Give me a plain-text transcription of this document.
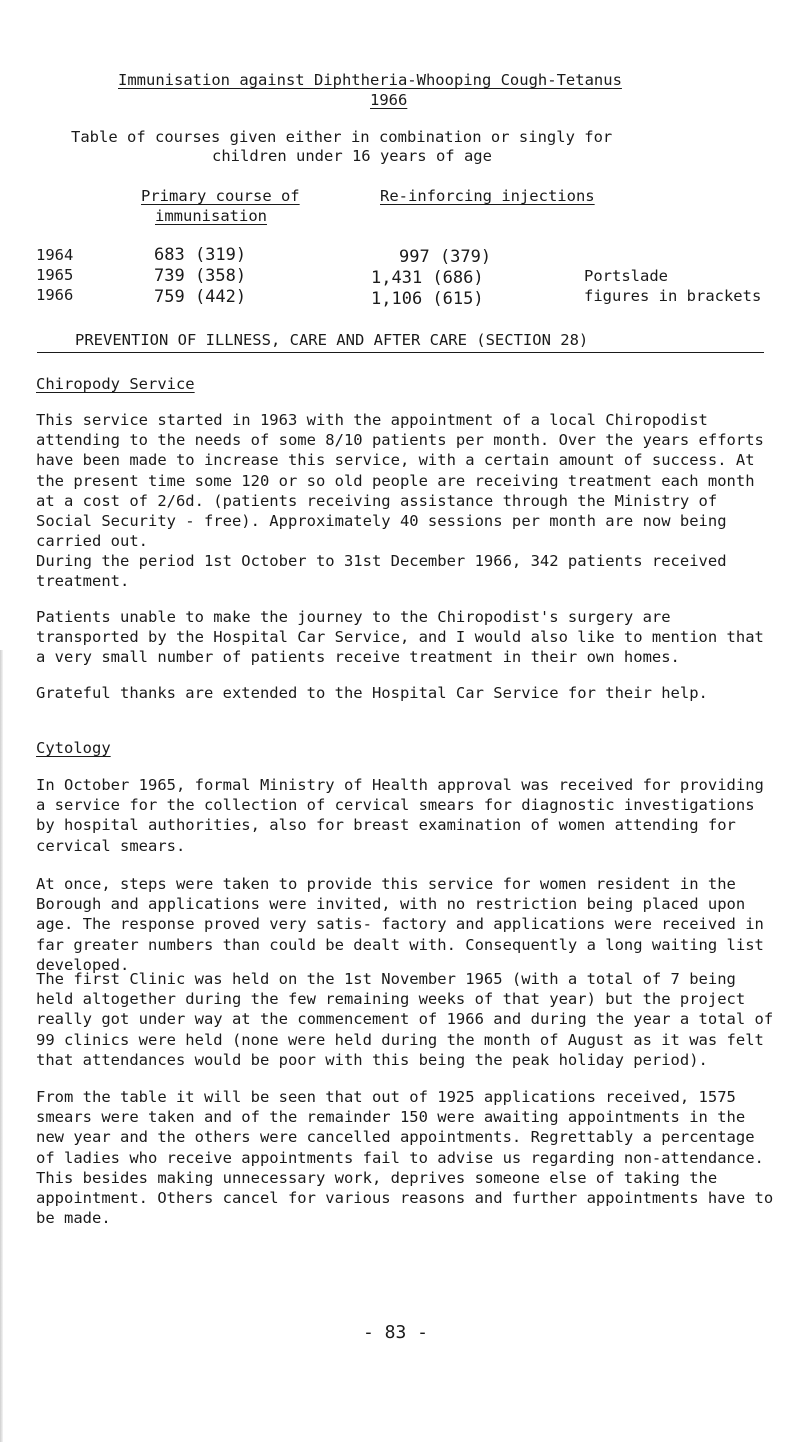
Immunisation against Diphtheria-Whooping Cough-Tetanus
1966
Table of courses given either in combination or singly for
children under 16 years of age
Primary course of
immunisation
Re-inforcing injections
1964	683 (319)	997 (379)
1965	739 (358)	1,431 (686)
1966	759 (442)	1,106 (615)
Portslade
figures in brackets
PREVENTION OF ILLNESS, CARE AND AFTER CARE (SECTION 28)
Chiropody Service
This service started in 1963 with the appointment of a local Chiropodist attending to the needs of some 8/10 patients per month. Over the years efforts have been made to increase this service, with a certain amount of success. At the present time some 120 or so old people are receiving treatment each month at a cost of 2/6d. (patients receiving assistance through the Ministry of Social Security - free). Approximately 40 sessions per month are now being carried out.
During the period 1st October to 31st December 1966, 342 patients received treatment.
Patients unable to make the journey to the Chiropodist's surgery are transported by the Hospital Car Service, and I would also like to mention that a very small number of patients receive treatment in their own homes.
Grateful thanks are extended to the Hospital Car Service for their help.
Cytology
In October 1965, formal Ministry of Health approval was received for providing a service for the collection of cervical smears for diagnostic investigations by hospital authorities, also for breast examination of women attending for cervical smears.
At once, steps were taken to provide this service for women resident in the Borough and applications were invited, with no restriction being placed upon age. The response proved very satis- factory and applications were received in far greater numbers than could be dealt with. Consequently a long waiting list developed.
The first Clinic was held on the 1st November 1965 (with a total of 7 being held altogether during the few remaining weeks of that year) but the project really got under way at the commencement of 1966 and during the year a total of 99 clinics were held (none were held during the month of August as it was felt that attendances would be poor with this being the peak holiday period).
From the table it will be seen that out of 1925 applications received, 1575 smears were taken and of the remainder 150 were awaiting appointments in the new year and the others were cancelled appointments. Regrettably a percentage of ladies who receive appointments fail to advise us regarding non-attendance. This besides making unnecessary work, deprives someone else of taking the appointment. Others cancel for various reasons and further appointments have to be made.
- 83 -
